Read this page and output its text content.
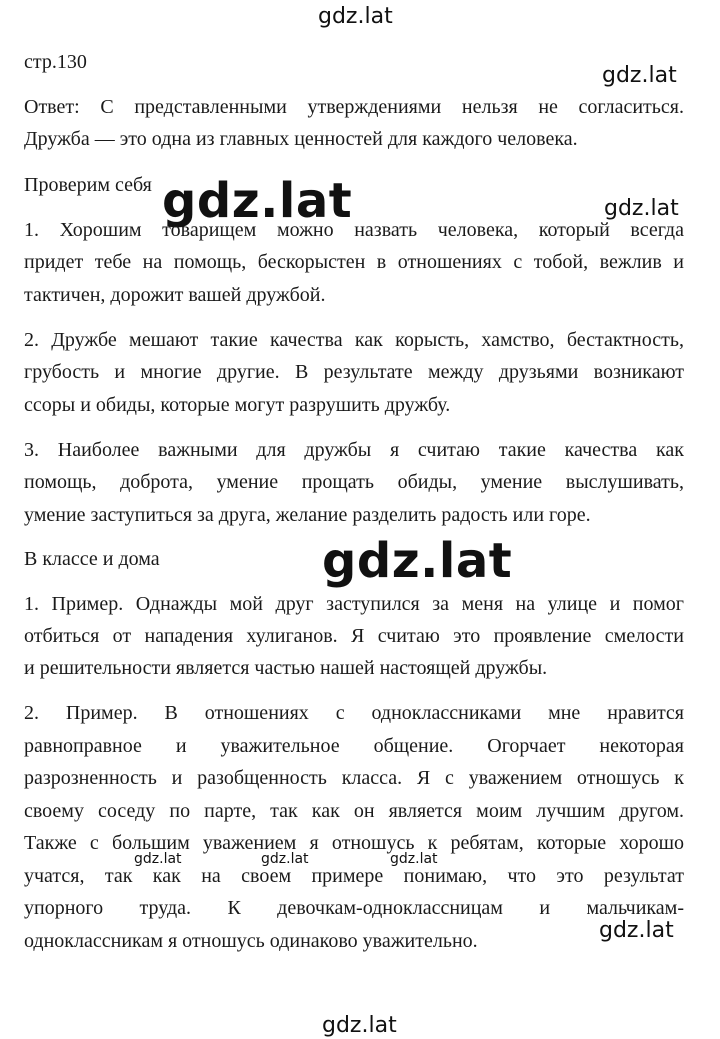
gdz.lat
gdz.lat
gdz.lat	gdz.lat
gdz.lat
gdz.lat	gdz.lat	gdz.lat
gdz.lat
gdz.lat
стр.130
Ответ: С представленными утверждениями нельзя не согласиться.
Дружба — это одна из главных ценностей для каждого человека.
Проверим себя
1. Хорошим товарищем можно назвать человека, который всегда
придет тебе на помощь, бескорыстен в отношениях с тобой, вежлив и
тактичен, дорожит вашей дружбой.
2. Дружбе мешают такие качества как корысть, хамство, бестактность,
грубость и многие другие. В результате между друзьями возникают
ссоры и обиды, которые могут разрушить дружбу.
3. Наиболее важными для дружбы я считаю такие качества как
помощь, доброта, умение прощать обиды, умение выслушивать,
умение заступиться за друга, желание разделить радость или горе.
В классе и дома
1. Пример. Однажды мой друг заступился за меня на улице и помог
отбиться от нападения хулиганов. Я считаю это проявление смелости
и решительности является частью нашей настоящей дружбы.
2. Пример. В отношениях с одноклассниками мне нравится
равноправное и уважительное общение. Огорчает некоторая
разрозненность и разобщенность класса. Я с уважением отношусь к
своему соседу по парте, так как он является моим лучшим другом.
Также с большим уважением я отношусь к ребятам, которые хорошо
учатся, так как на своем примере понимаю, что это результат
упорного труда. К девочкам-одноклассницам и мальчикам-
одноклассникам я отношусь одинаково уважительно.
